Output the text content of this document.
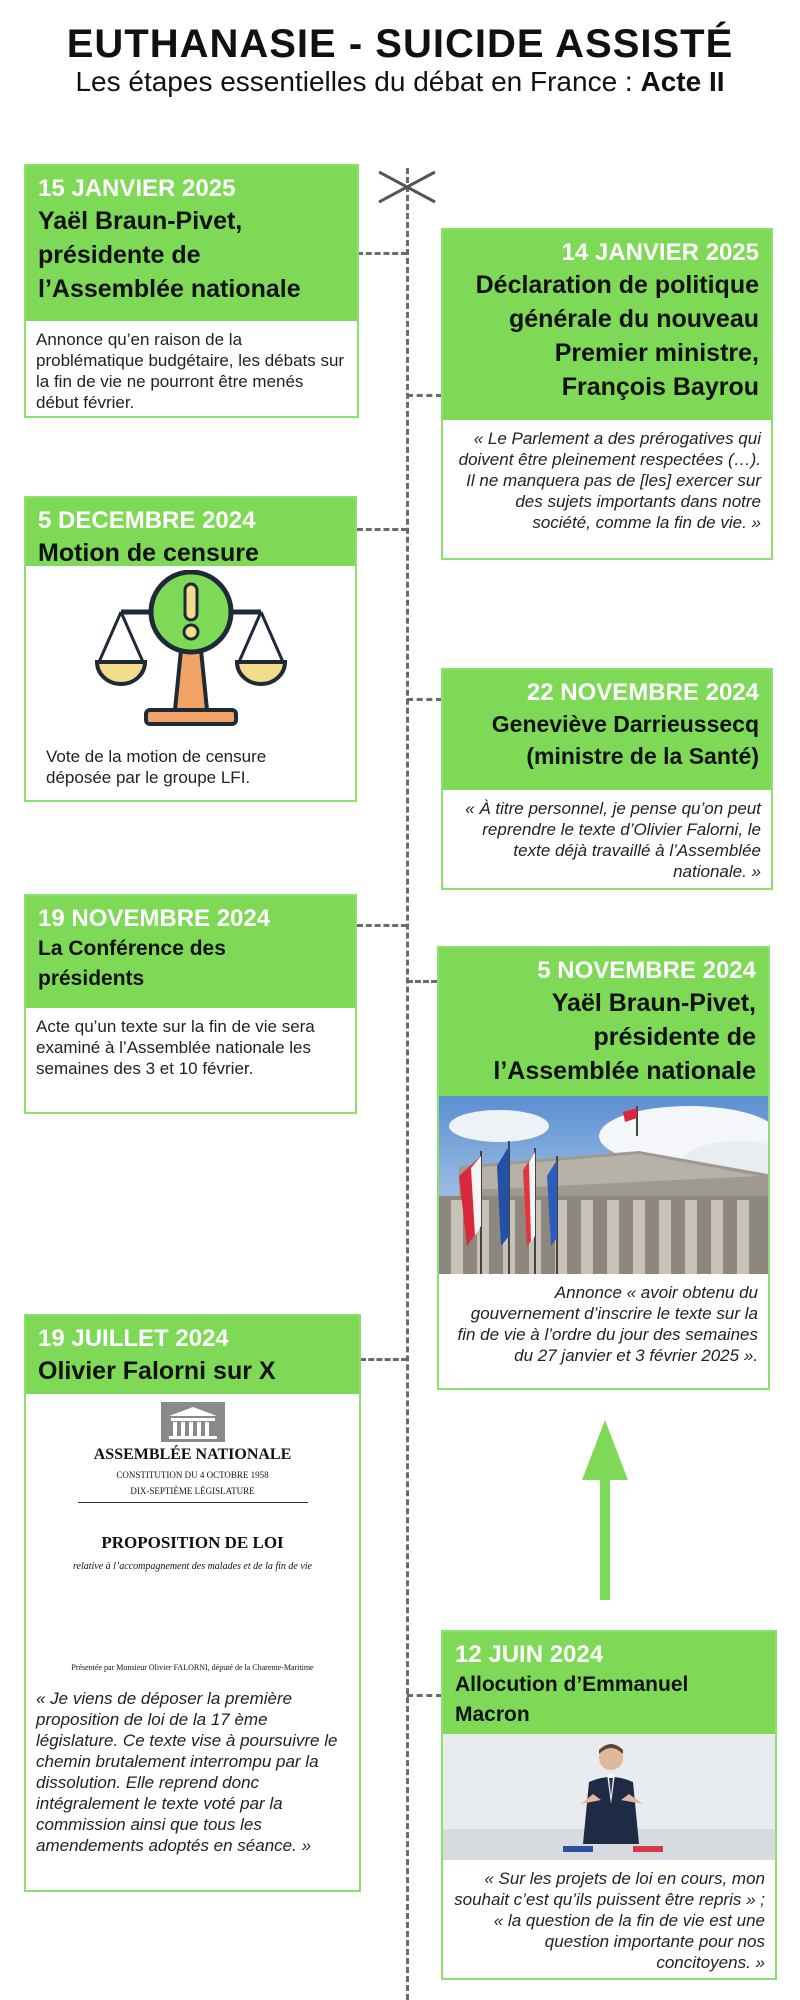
EUTHANASIE - SUICIDE ASSISTÉ
Les étapes essentielles du débat en France : Acte II
15 JANVIER 2025
Yaël Braun-Pivet, présidente de l’Assemblée nationale
Annonce qu’en raison de la problématique budgétaire, les débats sur la fin de vie ne pourront être menés début février.
14 JANVIER 2025
Déclaration de politique générale du nouveau Premier ministre, François Bayrou
« Le Parlement a des prérogatives qui doivent être pleinement respectées (…). Il ne manquera pas de [les] exercer sur des sujets importants dans notre société, comme la fin de vie. »
5 DECEMBRE 2024
Motion de censure
Vote de la motion de censure déposée par le groupe LFI.
22 NOVEMBRE 2024
Geneviève Darrieussecq (ministre de la Santé)
« À titre personnel, je pense qu’on peut reprendre le texte d’Olivier Falorni, le texte déjà travaillé à l’Assemblée nationale. »
19 NOVEMBRE 2024
La Conférence des présidents
Acte qu’un texte sur la fin de vie sera examiné à l’Assemblée nationale les semaines des 3 et 10 février.
5 NOVEMBRE 2024
Yaël Braun-Pivet, présidente de l’Assemblée nationale
Annonce « avoir obtenu du gouvernement d’inscrire le texte sur la fin de vie à l’ordre du jour des semaines du 27 janvier et 3 février 2025 ».
19 JUILLET 2024
Olivier Falorni sur X
ASSEMBLÉE NATIONALE
CONSTITUTION DU 4 OCTOBRE 1958
DIX-SEPTIÈME LÉGISLATURE
PROPOSITION DE LOI
relative à l’accompagnement des malades et de la fin de vie
Présentée par Monsieur Olivier FALORNI, député de la Charente-Maritime
« Je viens de déposer la première proposition de loi de la 17 ème législature. Ce texte vise à poursuivre le chemin brutalement interrompu par la dissolution. Elle reprend donc intégralement le texte voté par la commission ainsi que tous les amendements adoptés en séance. »
12 JUIN 2024
Allocution d’Emmanuel Macron
« Sur les projets de loi en cours, mon souhait c’est qu’ils puissent être repris » ; « la question de la fin de vie est une question importante pour nos concitoyens. »
